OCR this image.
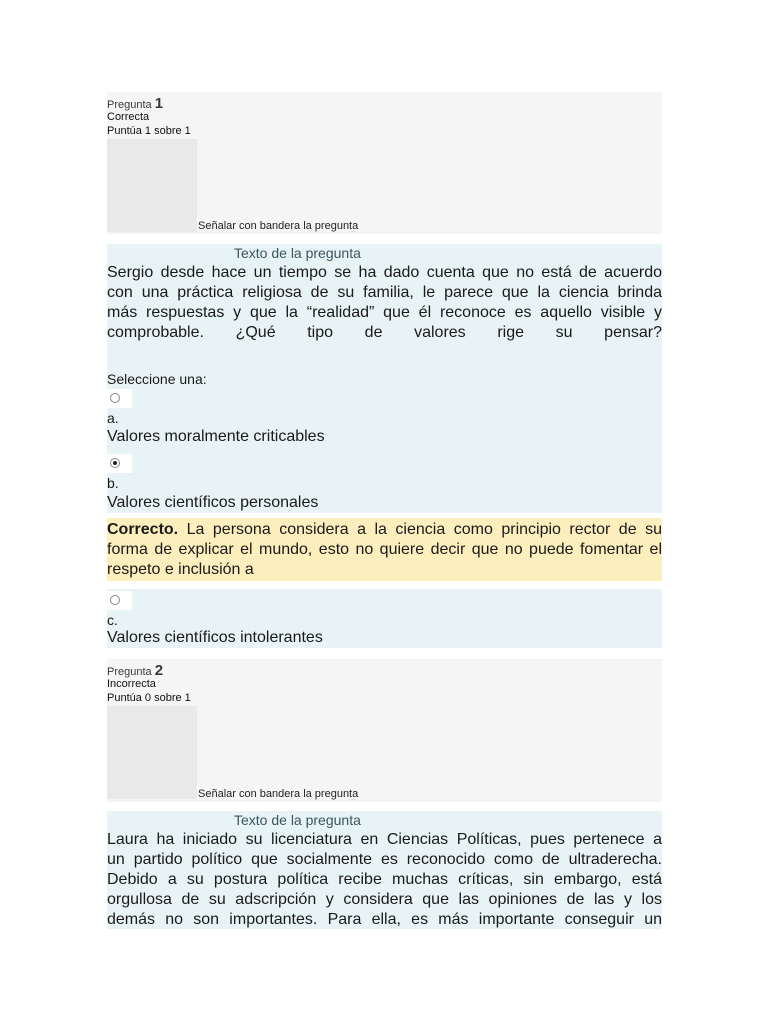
Pregunta 1
Correcta
Puntúa 1 sobre 1
Señalar con bandera la pregunta
Texto de la pregunta
Sergio desde hace un tiempo se ha dado cuenta que no está de acuerdo
con una práctica religiosa de su familia, le parece que la ciencia brinda
más respuestas y que la “realidad” que él reconoce es aquello visible y
comprobable. ¿Qué tipo de valores rige su pensar?
Seleccione una:
a.
Valores moralmente criticables
b.
Valores científicos personales
Correcto. La persona considera a la ciencia como principio rector de su forma de explicar el mundo, esto no quiere decir que no puede fomentar el respeto e inclusión a
c.
Valores científicos intolerantes
Pregunta 2
Incorrecta
Puntúa 0 sobre 1
Señalar con bandera la pregunta
Texto de la pregunta
Laura ha iniciado su licenciatura en Ciencias Políticas, pues pertenece a
un partido político que socialmente es reconocido como de ultraderecha.
Debido a su postura política recibe muchas críticas, sin embargo, está
orgullosa de su adscripción y considera que las opiniones de las y los
demás no son importantes. Para ella, es más importante conseguir un
